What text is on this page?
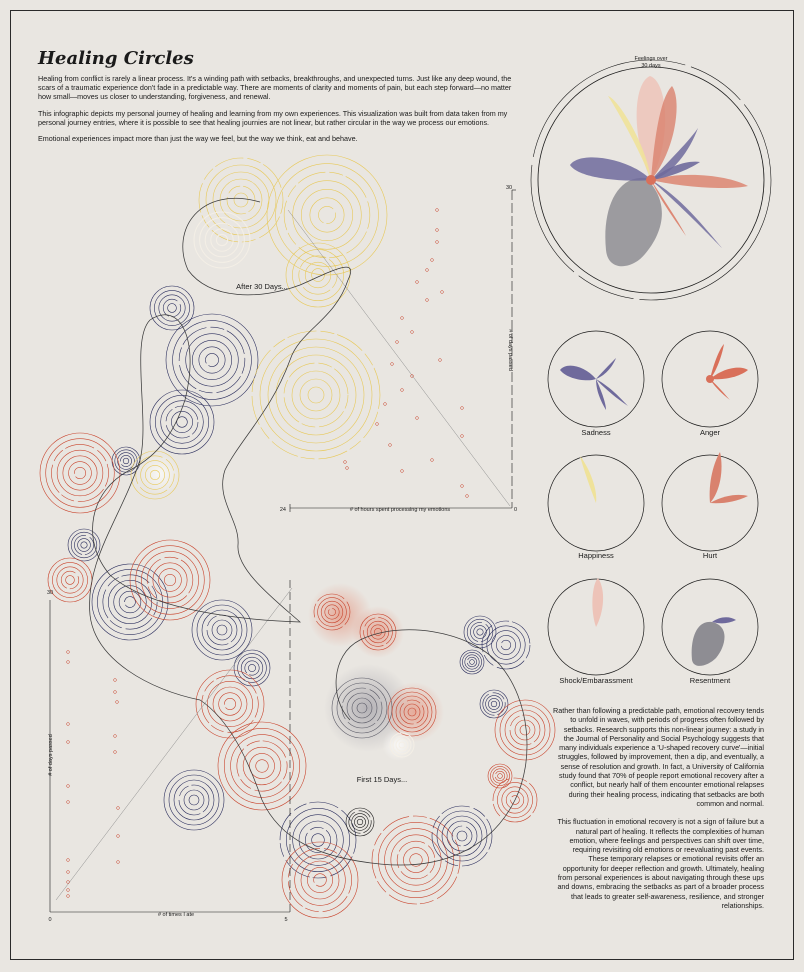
Healing Circles

Healing from conflict is rarely a linear process. It's a winding path with setbacks, breakthroughs, and unexpected turns. Just like any deep wound, the scars of a traumatic experience don't fade in a predictable way. There are moments of clarity and moments of pain, but each step forward—no matter how small—moves us closer to understanding, forgiveness, and renewal.

This infographic depicts my personal journey of healing and learning from my own experiences. This visualization was built from data taken from my personal journey entries, where it is possible to see that healing journies are not linear, but rather circular in the way we process our emotions.

Emotional experiences impact more than just the way we feel, but the way we think, eat and behave.

30
24	0
# of hours spent processing my emotions
# of days passed
30
0	5
# of times I ate
# of days passed
After 30 Days...
First 15 Days...
Feelings over
30 days
Sadness	Anger
Happiness	Hurt
Shock/Embarassment	Resentment

Rather than following a predictable path, emotional recovery tends to unfold in waves, with periods of progress often followed by setbacks. Research supports this non-linear journey: a study in the Journal of Personality and Social Psychology suggests that many individuals experience a 'U-shaped recovery curve'—initial struggles, followed by improvement, then a dip, and eventually, a sense of resolution and growth. In fact, a University of California study found that 70% of people report emotional recovery after a conflict, but nearly half of them encounter emotional relapses during their healing process, indicating that setbacks are both common and normal.

This fluctuation in emotional recovery is not a sign of failure but a natural part of healing. It reflects the complexities of human emotion, where feelings and perspectives can shift over time, requiring revisiting old emotions or reevaluating past events. These temporary relapses or emotional revisits offer an opportunity for deeper reflection and growth. Ultimately, healing from personal experiences is about navigating through these ups and downs, embracing the setbacks as part of a broader process that leads to greater self-awareness, resilience, and stronger relationships.
